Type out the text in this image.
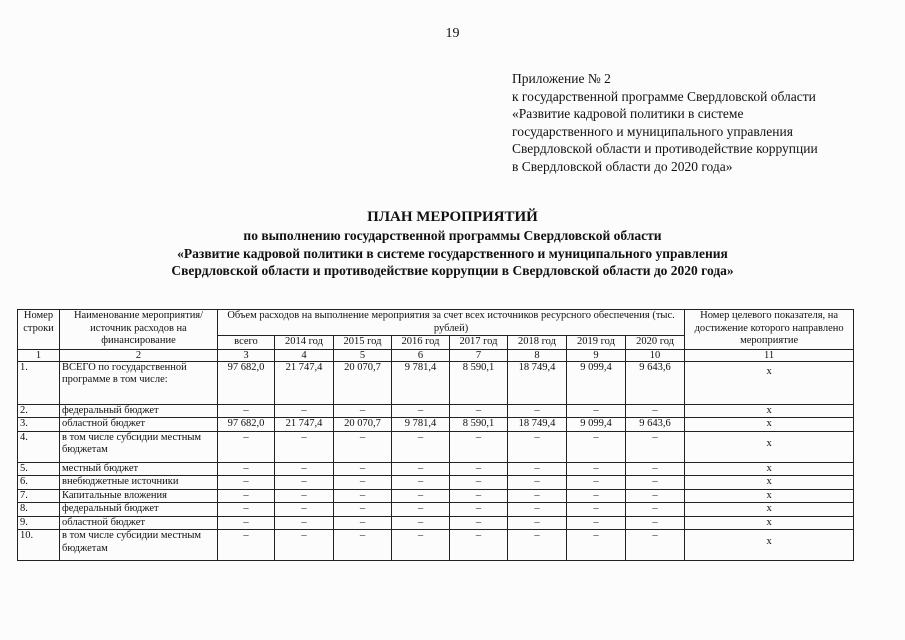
19
Приложение № 2
к государственной программе Свердловской области
«Развитие кадровой политики в системе
государственного и муниципального управления
Свердловской области и противодействие коррупции
в Свердловской области до 2020 года»
ПЛАН МЕРОПРИЯТИЙ
по выполнению государственной программы Свердловской области
«Развитие кадровой политики в системе государственного и муниципального управления
Свердловской области и противодействие коррупции в Свердловской области до 2020 года»
Номер строки	Наименование мероприятия/источник расходов на финансирование	Объем расходов на выполнение мероприятия за счет всех источников ресурсного обеспечения (тыс. рублей)								Номер целевого показателя, на достижение которого направлено мероприятие
		всего	2014 год	2015 год	2016 год	2017 год	2018 год	2019 год	2020 год	
1	2	3	4	5	6	7	8	9	10	11
1.	ВСЕГО по государственной программе в том числе:	97 682,0	21 747,4	20 070,7	9 781,4	8 590,1	18 749,4	9 099,4	9 643,6	х
2.	федеральный бюджет	–	–	–	–	–	–	–	–	х
3.	областной бюджет	97 682,0	21 747,4	20 070,7	9 781,4	8 590,1	18 749,4	9 099,4	9 643,6	х
4.	в том числе субсидии местным бюджетам	–	–	–	–	–	–	–	–	х
5.	местный бюджет	–	–	–	–	–	–	–	–	х
6.	внебюджетные источники	–	–	–	–	–	–	–	–	х
7.	Капитальные вложения	–	–	–	–	–	–	–	–	х
8.	федеральный бюджет	–	–	–	–	–	–	–	–	х
9.	областной бюджет	–	–	–	–	–	–	–	–	х
10.	в том числе субсидии местным бюджетам	–	–	–	–	–	–	–	–	х
